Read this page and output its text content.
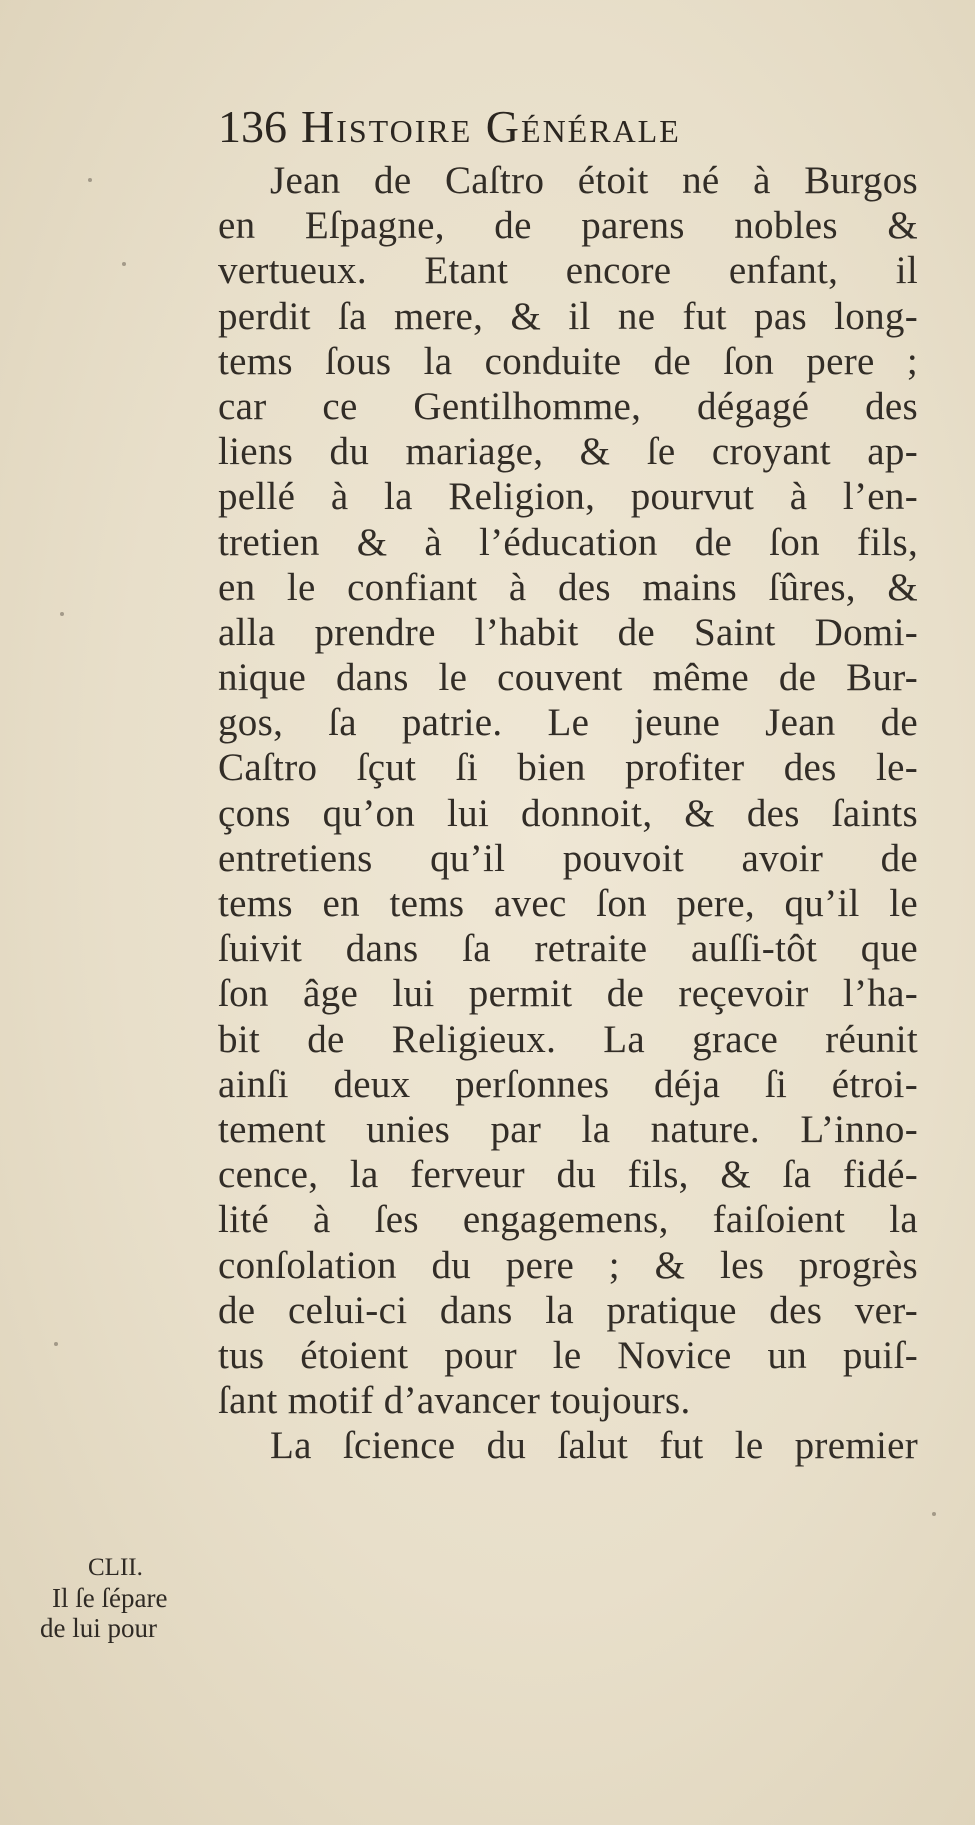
136 Histoire Générale
Jean de Caſtro étoit né à Burgos
en Eſpagne, de parens nobles &
vertueux. Etant encore enfant, il
perdit ſa mere, & il ne fut pas long-
tems ſous la conduite de ſon pere ;
car ce Gentilhomme, dégagé des
liens du mariage, & ſe croyant ap-
pellé à la Religion, pourvut à l’en-
tretien & à l’éducation de ſon fils,
en le confiant à des mains ſûres, &
alla prendre l’habit de Saint Domi-
nique dans le couvent même de Bur-
gos, ſa patrie. Le jeune Jean de
Caſtro ſçut ſi bien profiter des le-
çons qu’on lui donnoit, & des ſaints
entretiens qu’il pouvoit avoir de
tems en tems avec ſon pere, qu’il le
ſuivit dans ſa retraite auſſi-tôt que
ſon âge lui permit de reçevoir l’ha-
bit de Religieux. La grace réunit
ainſi deux perſonnes déja ſi étroi-
tement unies par la nature. L’inno-
cence, la ferveur du fils, & ſa fidé-
lité à ſes engagemens, faiſoient la
conſolation du pere ; & les progrès
de celui-ci dans la pratique des ver-
tus étoient pour le Novice un puiſ-
ſant motif d’avancer toujours.
La ſcience du ſalut fut le premier
CLII.
Il ſe ſépare
de lui pour
